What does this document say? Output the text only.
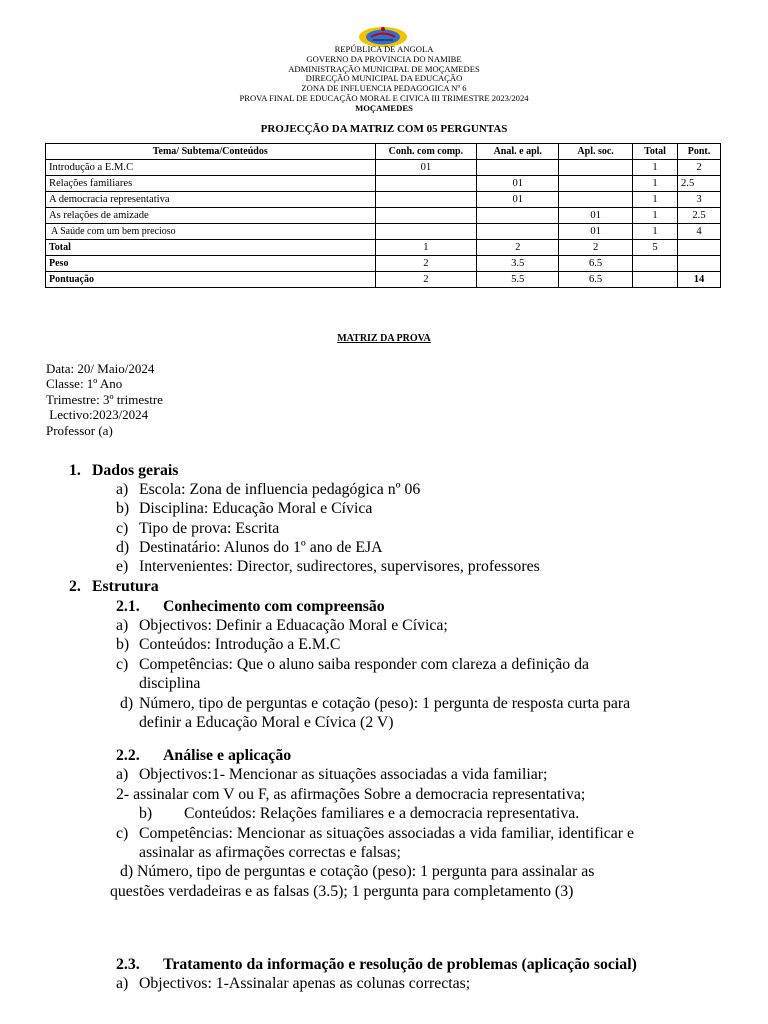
REPÚBLICA DE ANGOLA
GOVERNO DA PROVINCIA DO NAMIBE
ADMINISTRAÇÃO MUNICIPAL DE MOÇAMEDES
DIRECÇÃO MUNICIPAL DA EDUCAÇÃO
ZONA DE INFLUENCIA PEDAGOGICA Nº 6
PROVA FINAL DE EDUCAÇÃO MORAL E CIVICA III TRIMESTRE 2023/2024
MOÇAMEDES
PROJECÇÃO DA MATRIZ COM 05 PERGUNTAS
Tema/ Subtema/Conteúdos	Conh. com comp.	Anal. e apl.	Apl. soc.	Total	Pont.
Introdução a E.M.C	01			1	2
Relações familiares		01		1	2.5
A democracia representativa		01		1	3
As relações de amizade			01	1	2.5
A Saúde com um bem precioso			01	1	4
Total	1	2	2	5	
Peso	2	3.5	6.5		
Pontuação	2	5.5	6.5		14
MATRIZ DA PROVA
Data: 20/ Maio/2024
Classe: 1º Ano
Trimestre: 3º trimestre
Lectivo:2023/2024
Professor (a)
1. Dados gerais
a) Escola: Zona de influencia pedagógica nº 06
b) Disciplina: Educação Moral e Cívica
c) Tipo de prova: Escrita
d) Destinatário: Alunos do 1º ano de EJA
e) Intervenientes: Director, sudirectores, supervisores, professores
2. Estrutura
2.1. Conhecimento com compreensão
a) Objectivos: Definir a Eduacação Moral e Cívica;
b) Conteúdos: Introdução a E.M.C
c) Competências: Que o aluno saiba responder com clareza a definição da
disciplina
d) Número, tipo de perguntas e cotação (peso): 1 pergunta de resposta curta para
definir a Educação Moral e Cívica (2 V)
2.2. Análise e aplicação
a) Objectivos:1- Mencionar as situações associadas a vida familiar;
2- assinalar com V ou F, as afirmações Sobre a democracia representativa;
b) Conteúdos: Relações familiares e a democracia representativa.
c) Competências: Mencionar as situações associadas a vida familiar, identificar e
assinalar as afirmações correctas e falsas;
d) Número, tipo de perguntas e cotação (peso): 1 pergunta para assinalar as
questões verdadeiras e as falsas (3.5); 1 pergunta para completamento (3)
2.3. Tratamento da informação e resolução de problemas (aplicação social)
a) Objectivos: 1-Assinalar apenas as colunas correctas;
